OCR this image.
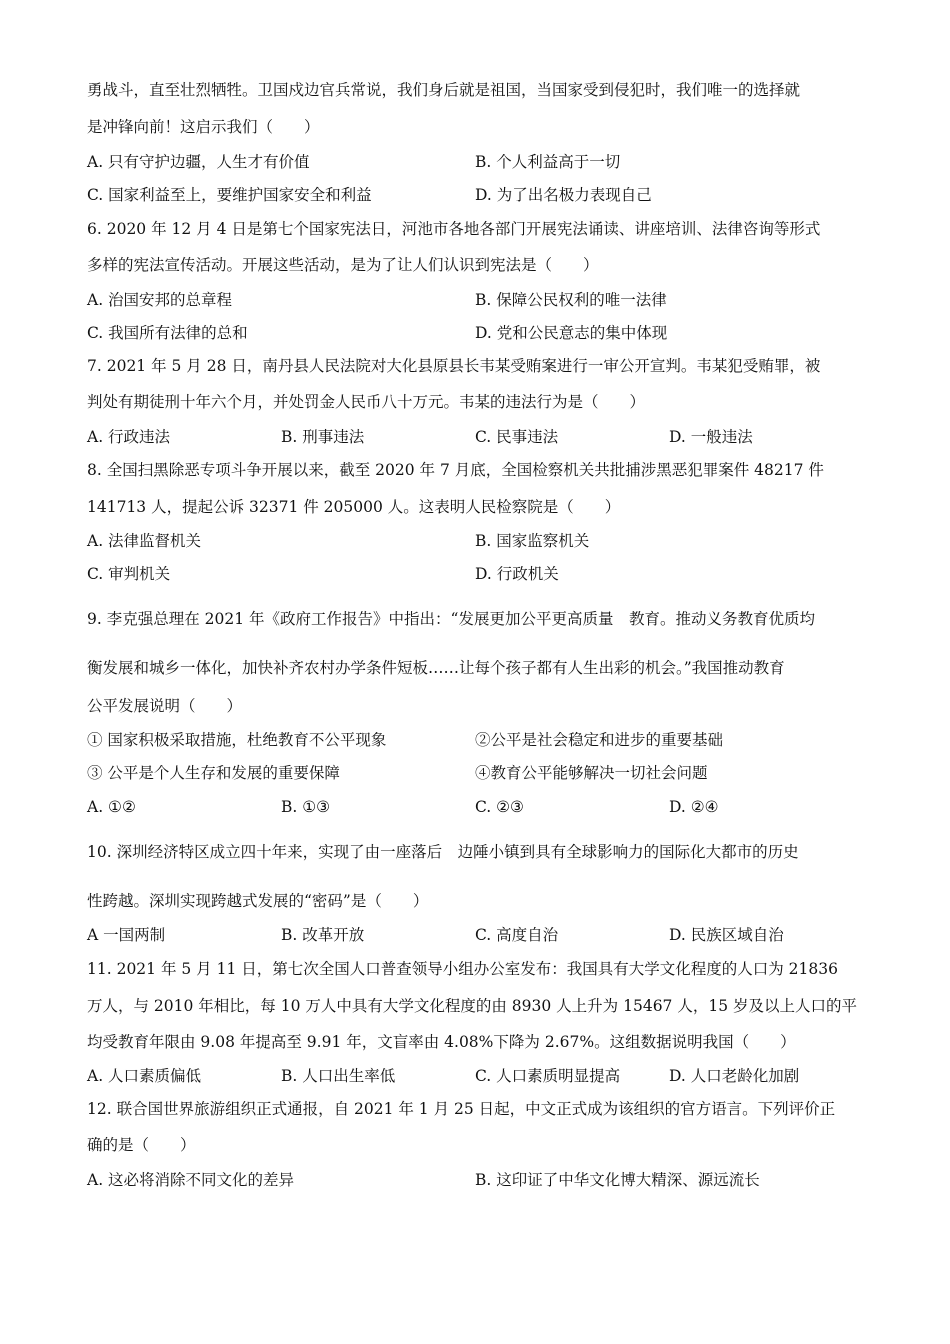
勇战斗，直至壮烈牺牲。卫国戍边官兵常说，我们身后就是祖国，当国家受到侵犯时，我们唯一的选择就
是冲锋向前！这启示我们（　　）
A. 只有守护边疆，人生才有价值	B. 个人利益高于一切
C. 国家利益至上，要维护国家安全和利益	D. 为了出名极力表现自己
6. 2020 年 12 月 4 日是第七个国家宪法日，河池市各地各部门开展宪法诵读、讲座培训、法律咨询等形式
多样的宪法宣传活动。开展这些活动，是为了让人们认识到宪法是（　　）
A. 治国安邦的总章程	B. 保障公民权利的唯一法律
C. 我国所有法律的总和	D. 党和公民意志的集中体现
7. 2021 年 5 月 28 日，南丹县人民法院对大化县原县长韦某受贿案进行一审公开宣判。韦某犯受贿罪，被
判处有期徒刑十年六个月，并处罚金人民币八十万元。韦某的违法行为是（　　）
A. 行政违法	B. 刑事违法	C. 民事违法	D. 一般违法
8. 全国扫黑除恶专项斗争开展以来，截至 2020 年 7 月底，全国检察机关共批捕涉黑恶犯罪案件 48217 件
141713 人，提起公诉 32371 件 205000 人。这表明人民检察院是（　　）
A. 法律监督机关	B. 国家监察机关
C. 审判机关	D. 行政机关
9. 李克强总理在 2021 年《政府工作报告》中指出：“发展更加公平更高质量　教育。推动义务教育优质均
衡发展和城乡一体化，加快补齐农村办学条件短板……让每个孩子都有人生出彩的机会。”我国推动教育
公平发展说明（　　）
① 国家积极采取措施，杜绝教育不公平现象	②公平是社会稳定和进步的重要基础
③ 公平是个人生存和发展的重要保障	④教育公平能够解决一切社会问题
A. ①②	B. ①③	C. ②③	D. ②④
10. 深圳经济特区成立四十年来，实现了由一座落后　边陲小镇到具有全球影响力的国际化大都市的历史
性跨越。深圳实现跨越式发展的“密码”是（　　）
A 一国两制	B. 改革开放	C. 高度自治	D. 民族区域自治
11. 2021 年 5 月 11 日，第七次全国人口普查领导小组办公室发布：我国具有大学文化程度的人口为 21836
万人，与 2010 年相比，每 10 万人中具有大学文化程度的由 8930 人上升为 15467 人，15 岁及以上人口的平
均受教育年限由 9.08 年提高至 9.91 年，文盲率由 4.08%下降为 2.67%。这组数据说明我国（　　）
A. 人口素质偏低	B. 人口出生率低	C. 人口素质明显提高	D. 人口老龄化加剧
12. 联合国世界旅游组织正式通报，自 2021 年 1 月 25 日起，中文正式成为该组织的官方语言。下列评价正
确的是（　　）
A. 这必将消除不同文化的差异	B. 这印证了中华文化博大精深、源远流长
